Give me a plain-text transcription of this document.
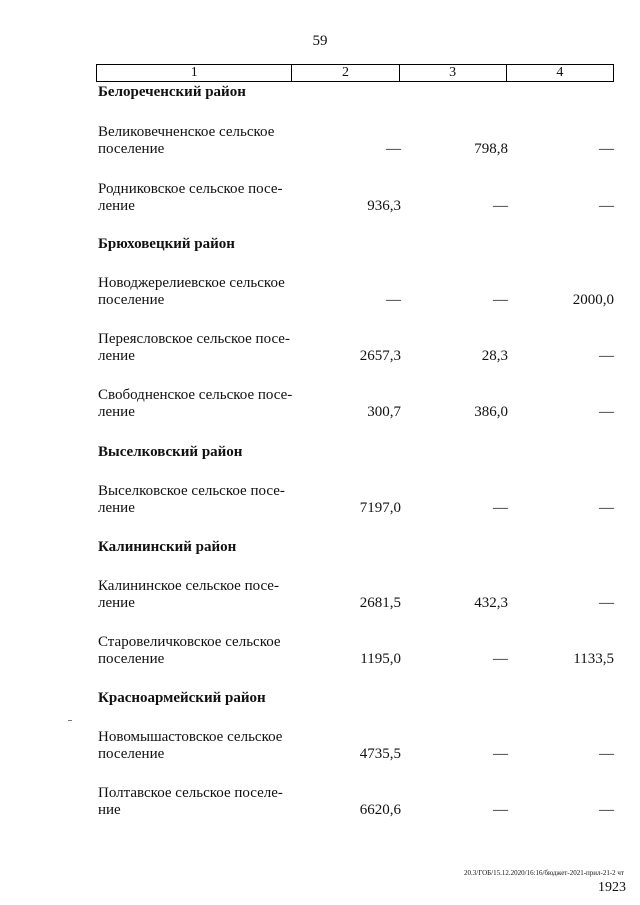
59
1	2	3	4
Белореченский район
Великовечненское сельское
поселение	—	798,8	—
Родниковское сельское посе-
ление	936,3	—	—
Брюховецкий район
Новоджерелиевское сельское
поселение	—	—	2000,0
Переясловское сельское посе-
ление	2657,3	28,3	—
Свободненское сельское посе-
ление	300,7	386,0	—
Выселковский район
Выселковское сельское посе-
ление	7197,0	—	—
Калининский район
Калининское сельское посе-
ление	2681,5	432,3	—
Старовеличковское сельское
поселение	1195,0	—	1133,5
Красноармейский район
Новомышастовское сельское
поселение	4735,5	—	—
Полтавское сельское поселе-
ние	6620,6	—	—
20.3/ГОБ/15.12.2020/16:16/бюджет-2021-прил-21-2 чт
1923
